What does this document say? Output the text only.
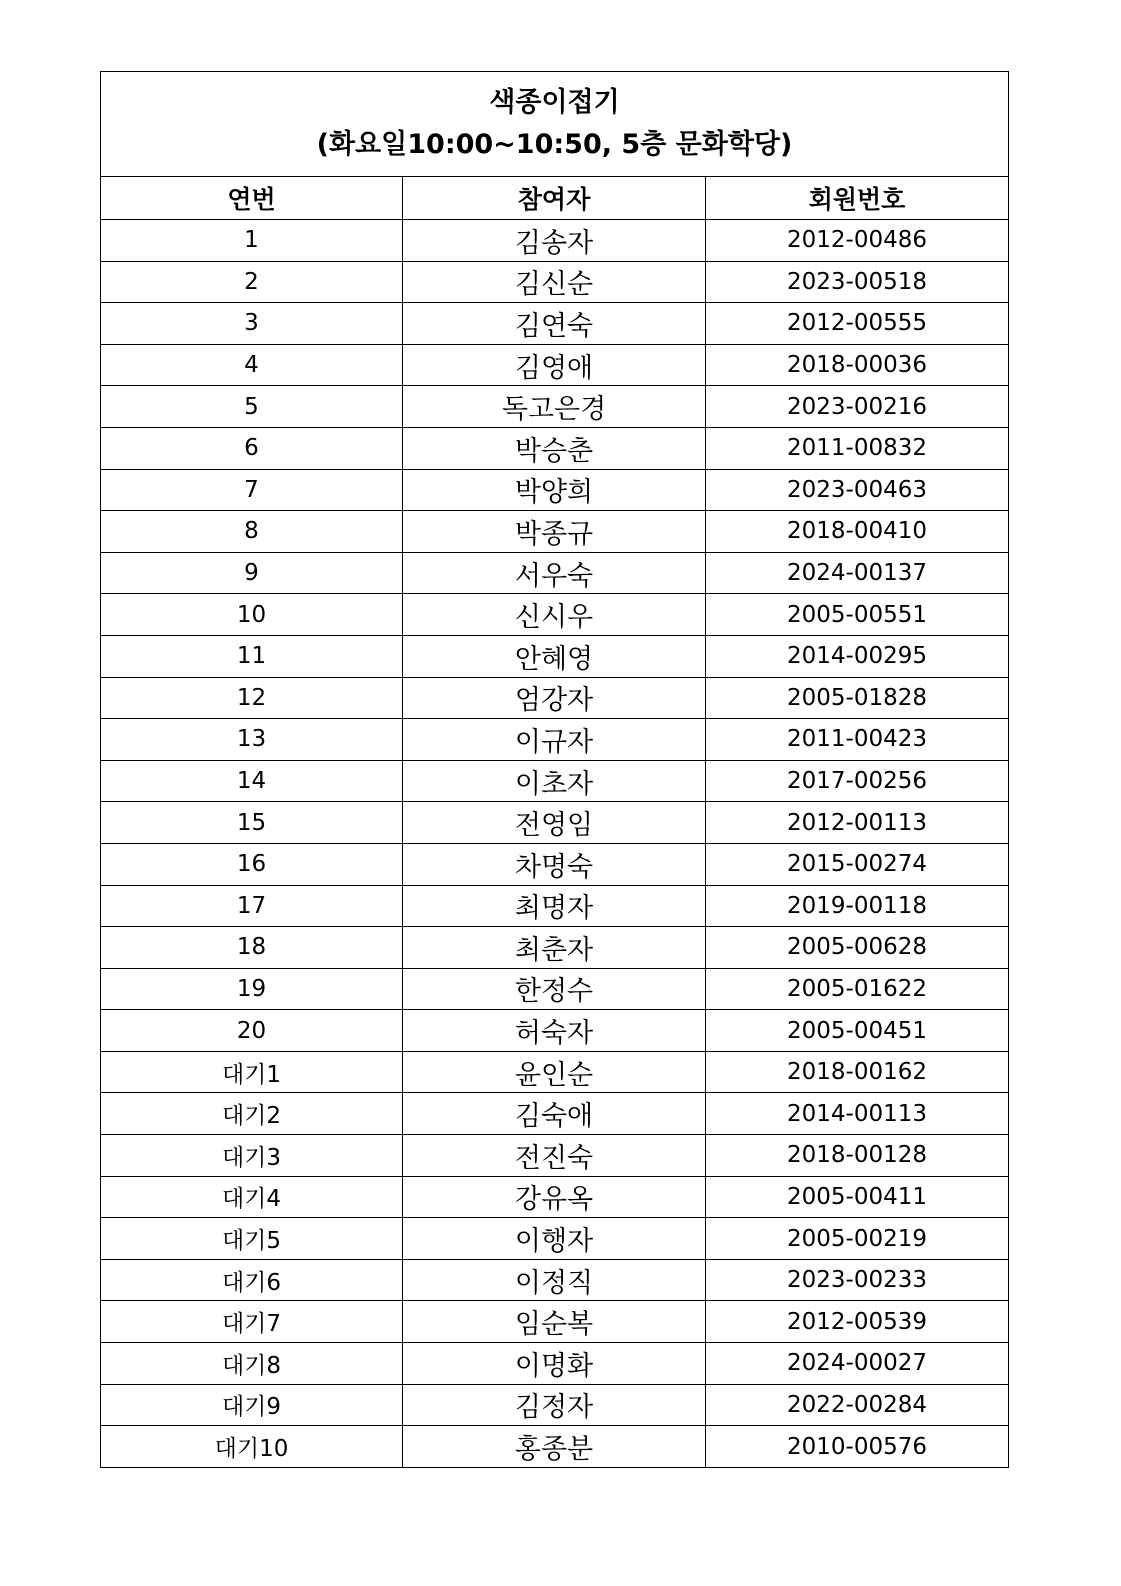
색종이접기
(화요일10:00~10:50, 5층 문화학당)		

연번	참여자	회원번호
1	김송자	2012-00486
2	김신순	2023-00518
3	김연숙	2012-00555
4	김영애	2018-00036
5	독고은경	2023-00216
6	박승춘	2011-00832
7	박양희	2023-00463
8	박종규	2018-00410
9	서우숙	2024-00137
10	신시우	2005-00551
11	안혜영	2014-00295
12	엄강자	2005-01828
13	이규자	2011-00423
14	이초자	2017-00256
15	전영임	2012-00113
16	차명숙	2015-00274
17	최명자	2019-00118
18	최춘자	2005-00628
19	한정수	2005-01622
20	허숙자	2005-00451
대기1	윤인순	2018-00162
대기2	김숙애	2014-00113
대기3	전진숙	2018-00128
대기4	강유옥	2005-00411
대기5	이행자	2005-00219
대기6	이정직	2023-00233
대기7	임순복	2012-00539
대기8	이명화	2024-00027
대기9	김정자	2022-00284
대기10	홍종분	2010-00576
